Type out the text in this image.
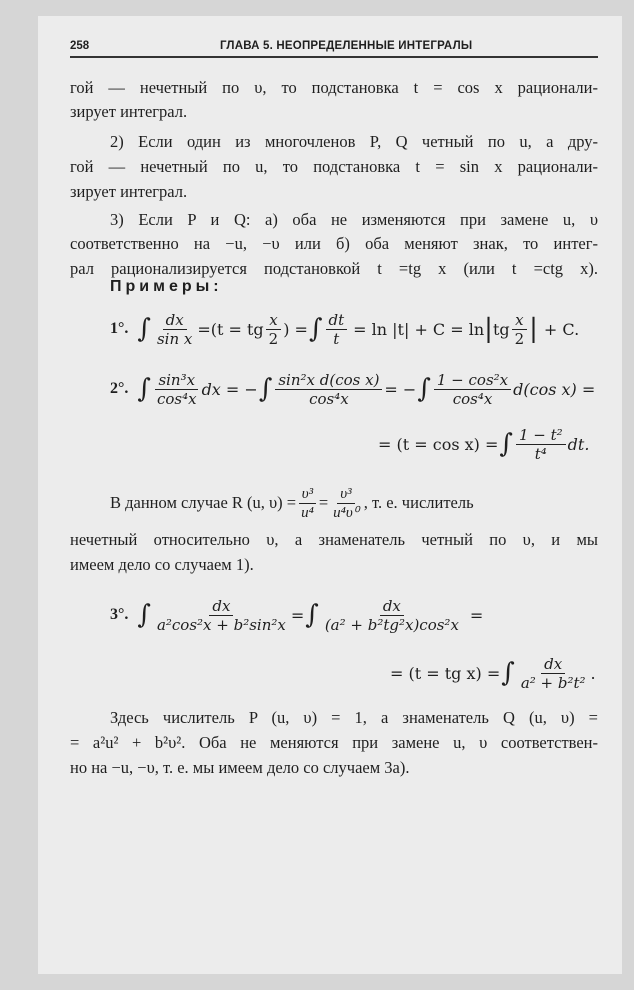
258	ГЛАВА 5. НЕОПРЕДЕЛЕННЫЕ ИНТЕГРАЛЫ
гой — нечетный по υ, то подстановка t = cos x рационали-
зирует интеграл.
2) Если один из многочленов P, Q четный по u, а дру-
гой — нечетный по u, то подстановка t = sin x рационали-
зирует интеграл.
3) Если P и Q: а) оба не изменяются при замене u, υ
соответственно на −u, −υ или б) оба меняют знак, то интег-
рал рационализируется подстановкой t =tg x (или t =ctg x).
Примеры:
1°. ∫ $\frac{dx}{\text{sin x}} =(t$ = tg $\frac{x}{2}$ ) = ∫ $\frac{dt}{t} = \ln |t| + C = \ln$ | tg $\frac{x}{2}$ | + C.
2°. ∫ $\frac{\text{sin³x}}{\text{cos⁴x}}$ dx = − ∫ $\frac{\text{sin²x d(cos x)}}{\text{cos⁴x}}$ = − ∫ $\frac{\text{1 − cos²x}}{\text{cos⁴x}} d(\cos$ x) =
= (t = cos x) = ∫ $\frac{\text{1 − t²}}{\text{t⁴}}$ dt.
В данном случае R (u, $\upsilon) = \frac{\text{υ³}}{\text{u⁴}} = \frac{\text{υ³}}{\text{u⁴υ⁰}}$ , т. е. числитель
нечетный относительно υ, а знаменатель четный по υ, и мы
имеем дело со случаем 1).
3°. ∫ $\frac{dx}{\text{a²cos²x + b²sin²x}}$ = ∫ $\frac{dx}{\text{(a² + b²tg²x)cos²x}}$ =
= (t = tg x) = ∫ $\frac{dx}{\text{a² + b²t²}}$ .
Здесь числитель P (u, υ) = 1, а знаменатель Q (u, υ) =
= a²u² + b²υ². Оба не меняются при замене u, υ соответствен-
но на −u, −υ, т. е. мы имеем дело со случаем 3а).
